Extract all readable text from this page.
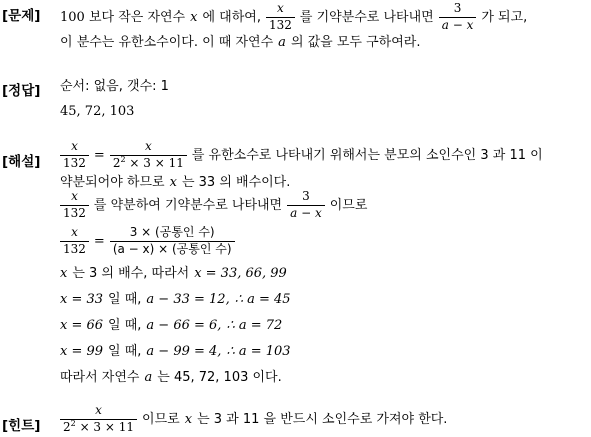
[문제] 100 보다 작은 자연수 x 에 대하여, $\frac{x}{132}$ 를 기약분수로 나타내면 $\frac{3}{a - x}$ 가 되고,
이 분수는 유한소수이다. 이 때 자연수 a 의 값을 모두 구하여라.
[정답] 순서: 없음, 갯수: 1
45, 72, 103
[해설] $\frac{x}{132} = \frac{x}{2^2 \times 3 \times 11}$ 를 유한소수로 나타내기 위해서는 분모의 소인수인 3 과 11 이
약분되어야 하므로 x 는 33 의 배수이다.
$\frac{x}{132}$ 를 약분하여 기약분수로 나타내면 $\frac{3}{a - x}$ 이므로
$\frac{x}{132} = \frac{\text{3 × (공통인 수)}}{\text{(a − x) × (공통인 수)}}$
x 는 3 의 배수, 따라서 x = 33, 66, 99
x = 33 일 때, a − 33 = 12, ∴ a = 45
x = 66 일 때, a − 66 = 6, ∴ a = 72
x = 99 일 때, a − 99 = 4, ∴ a = 103
따라서 자연수 a 는 45, 72, 103 이다.
[힌트] $\frac{x}{2^2 \times 3 \times 11}$ 이므로 x 는 3 과 11 을 반드시 소인수로 가져야 한다.
